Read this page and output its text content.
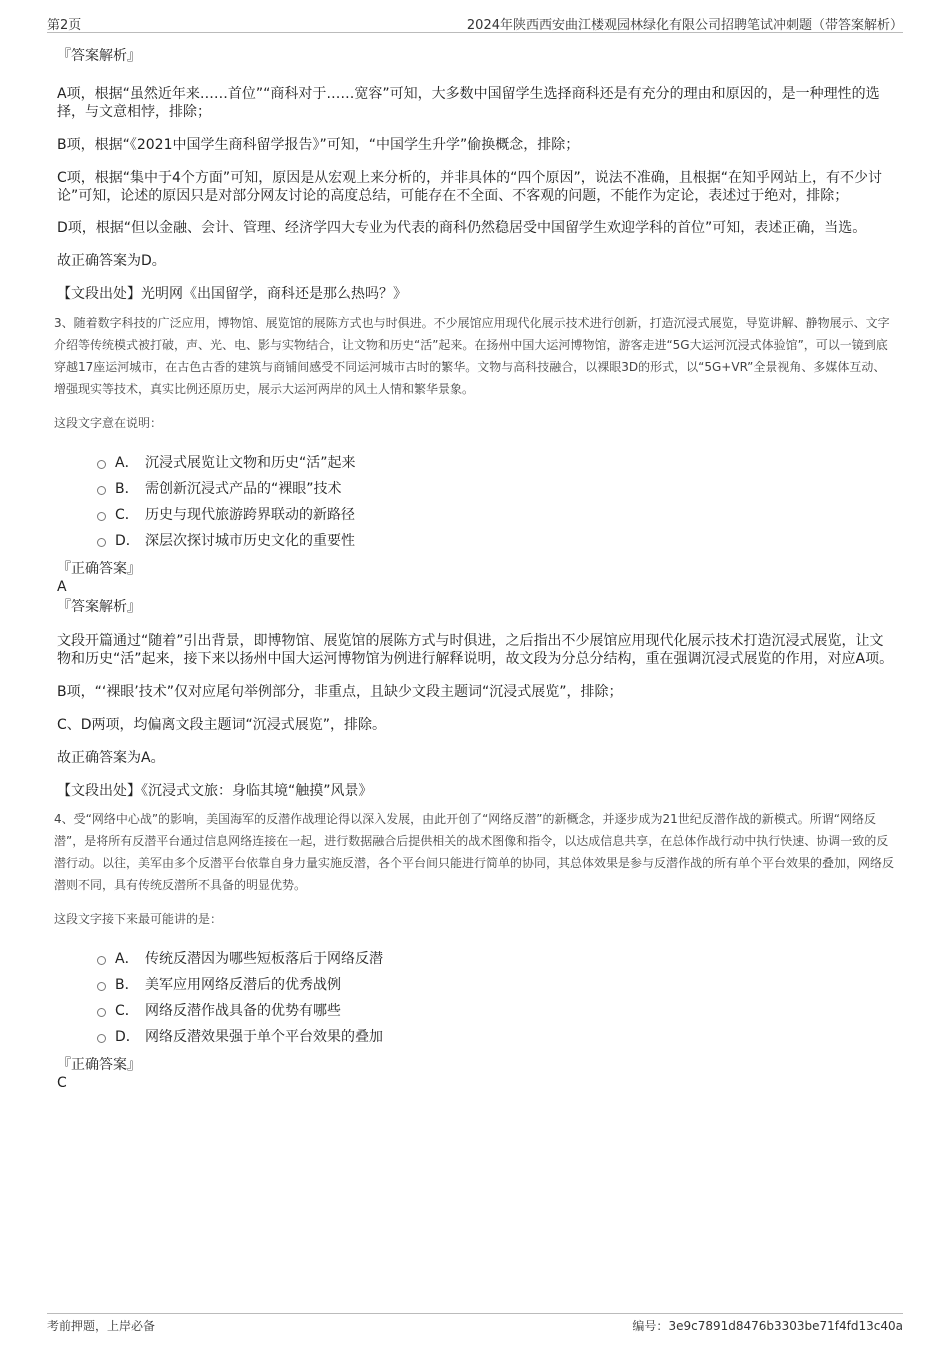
第2页	2024年陕西西安曲江楼观园林绿化有限公司招聘笔试冲刺题（带答案解析）

『答案解析』

A项，根据“虽然近年来……首位”“商科对于……宽容”可知，大多数中国留学生选择商科还是有充分的理由和原因的，是一种理性的选择，与文意相悖，排除；

B项，根据“《2021中国学生商科留学报告》”可知，“中国学生升学”偷换概念，排除；

C项，根据“集中于4个方面”可知，原因是从宏观上来分析的，并非具体的“四个原因”，说法不准确，且根据“在知乎网站上，有不少讨论”可知，论述的原因只是对部分网友讨论的高度总结，可能存在不全面、不客观的问题，不能作为定论，表述过于绝对，排除；

D项，根据“但以金融、会计、管理、经济学四大专业为代表的商科仍然稳居受中国留学生欢迎学科的首位”可知，表述正确，当选。

故正确答案为D。

【文段出处】光明网《出国留学，商科还是那么热吗？》

3、随着数字科技的广泛应用，博物馆、展览馆的展陈方式也与时俱进。不少展馆应用现代化展示技术进行创新，打造沉浸式展览，导览讲解、静物展示、文字介绍等传统模式被打破，声、光、电、影与实物结合，让文物和历史“活”起来。在扬州中国大运河博物馆，游客走进“5G大运河沉浸式体验馆”，可以一镜到底穿越17座运河城市，在古色古香的建筑与商铺间感受不同运河城市古时的繁华。文物与高科技融合，以裸眼3D的形式，以“5G+VR”全景视角、多媒体互动、增强现实等技术，真实比例还原历史，展示大运河两岸的风土人情和繁华景象。

这段文字意在说明：

A． 沉浸式展览让文物和历史“活”起来
B． 需创新沉浸式产品的“裸眼”技术
C． 历史与现代旅游跨界联动的新路径
D． 深层次探讨城市历史文化的重要性

『正确答案』

A

『答案解析』

文段开篇通过“随着”引出背景，即博物馆、展览馆的展陈方式与时俱进，之后指出不少展馆应用现代化展示技术打造沉浸式展览，让文物和历史“活”起来，接下来以扬州中国大运河博物馆为例进行解释说明，故文段为分总分结构，重在强调沉浸式展览的作用，对应A项。

B项，“‘裸眼’技术”仅对应尾句举例部分，非重点，且缺少文段主题词“沉浸式展览”，排除；

C、D两项，均偏离文段主题词“沉浸式展览”，排除。

故正确答案为A。

【文段出处】《沉浸式文旅：身临其境“触摸”风景》

4、受“网络中心战”的影响，美国海军的反潜作战理论得以深入发展，由此开创了“网络反潜”的新概念，并逐步成为21世纪反潜作战的新模式。所谓“网络反潜”，是将所有反潜平台通过信息网络连接在一起，进行数据融合后提供相关的战术图像和指令，以达成信息共享，在总体作战行动中执行快速、协调一致的反潜行动。以往，美军由多个反潜平台依靠自身力量实施反潜，各个平台间只能进行简单的协同，其总体效果是参与反潜作战的所有单个平台效果的叠加，网络反潜则不同，具有传统反潜所不具备的明显优势。

这段文字接下来最可能讲的是：

A． 传统反潜因为哪些短板落后于网络反潜
B． 美军应用网络反潜后的优秀战例
C． 网络反潜作战具备的优势有哪些
D． 网络反潜效果强于单个平台效果的叠加

『正确答案』

C

考前押题，上岸必备	编号：3e9c7891d8476b3303be71f4fd13c40a
